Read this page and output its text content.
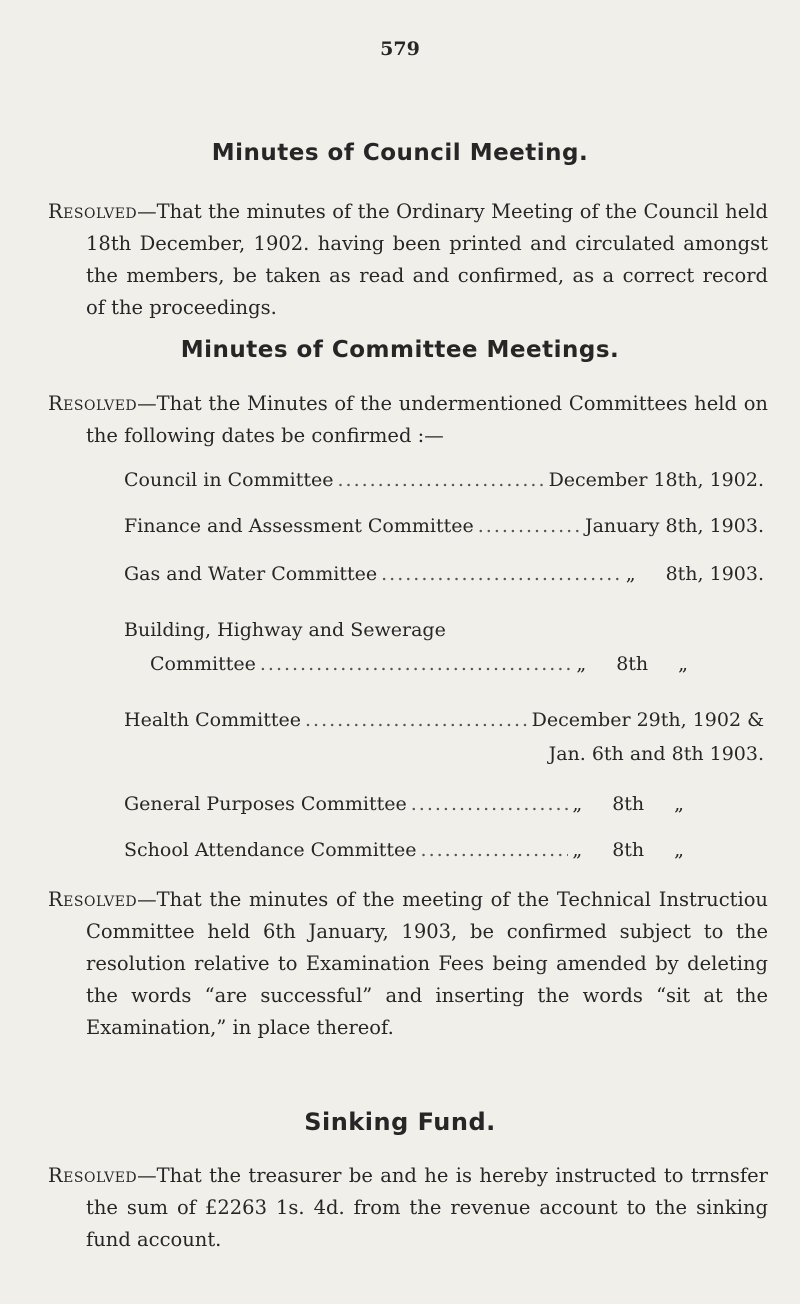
579
Minutes of Council Meeting.
Resolved—That the minutes of the Ordinary Meeting of the Council held 18th December, 1902. having been printed and circulated amongst the members, be taken as read and confirmed, as a correct record of the proceedings.
Minutes of Committee Meetings.
Resolved—That the Minutes of the undermentioned Committees held on the following dates be confirmed :—
Council in Committee .....	December 18th, 1902.
Finance and Assessment Committee .....	January 8th, 1903.
Gas and Water Committee .....	„ 8th, 1903.
Building, Highway and Sewerage
Committee .....	„ 8th „
Health Committee .....	December 29th, 1902 &
Jan. 6th and 8th 1903.
General Purposes Committee .....	„ 8th „
School Attendance Committee .....	„ 8th „
Resolved—That the minutes of the meeting of the Technical Instructiou Committee held 6th January, 1903, be confirmed subject to the resolution relative to Examination Fees being amended by deleting the words “are successful” and inserting the words “sit at the Examination,” in place thereof.
Sinking Fund.
Resolved—That the treasurer be and he is hereby instructed to trrnsfer the sum of £2263 1s. 4d. from the revenue account to the sinking fund account.
